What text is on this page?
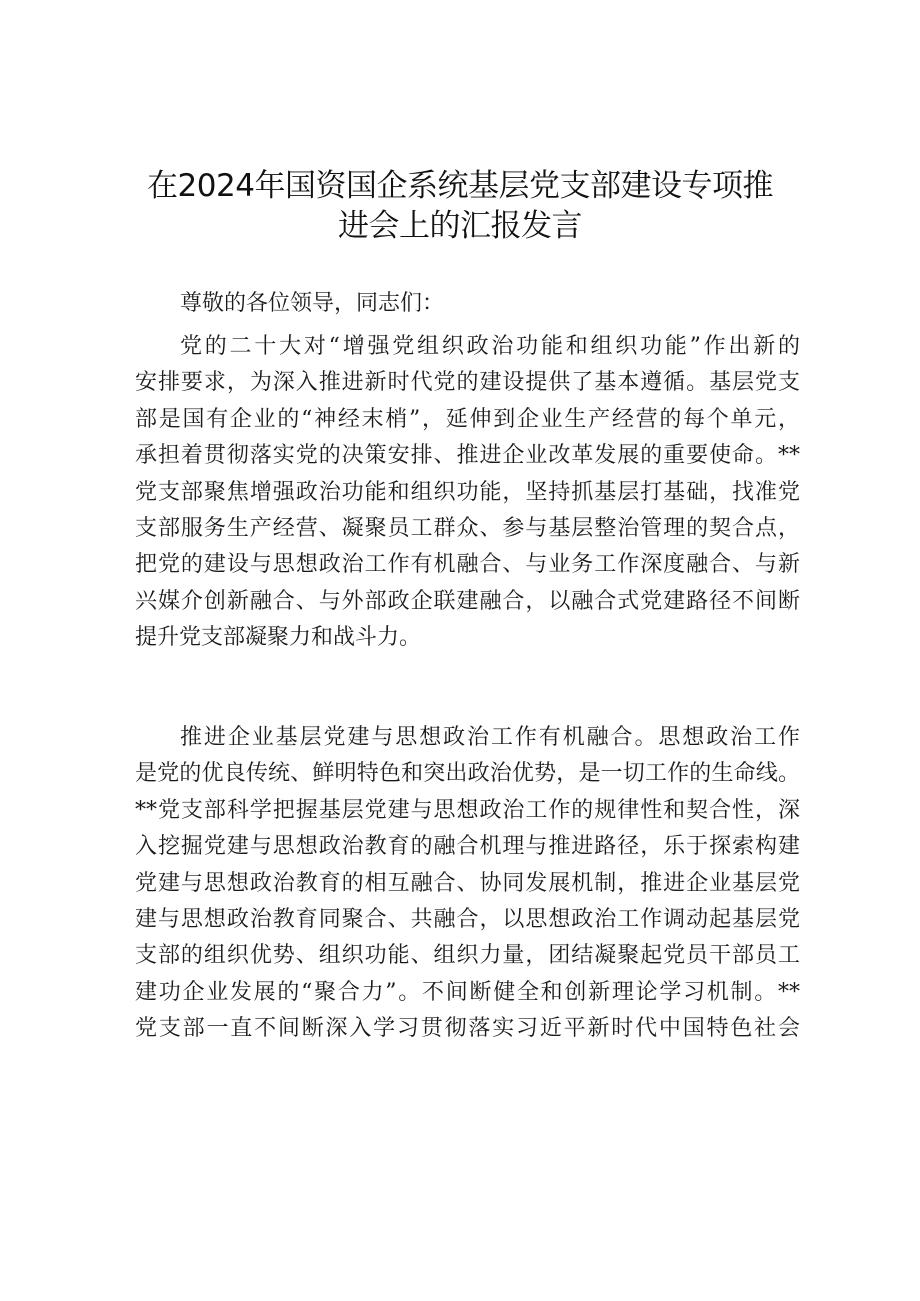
在2024年国资国企系统基层党支部建设专项推
进会上的汇报发言

尊敬的各位领导，同志们：

党的二十大对“增强党组织政治功能和组织功能”作出新的
安排要求，为深入推进新时代党的建设提供了基本遵循。基层党支
部是国有企业的“神经末梢”，延伸到企业生产经营的每个单元，
承担着贯彻落实党的决策安排、推进企业改革发展的重要使命。**
党支部聚焦增强政治功能和组织功能，坚持抓基层打基础，找准党
支部服务生产经营、凝聚员工群众、参与基层整治管理的契合点，
把党的建设与思想政治工作有机融合、与业务工作深度融合、与新
兴媒介创新融合、与外部政企联建融合，以融合式党建路径不间断
提升党支部凝聚力和战斗力。
推进企业基层党建与思想政治工作有机融合。思想政治工作
是党的优良传统、鲜明特色和突出政治优势，是一切工作的生命线。
**党支部科学把握基层党建与思想政治工作的规律性和契合性，深
入挖掘党建与思想政治教育的融合机理与推进路径，乐于探索构建
党建与思想政治教育的相互融合、协同发展机制，推进企业基层党
建与思想政治教育同聚合、共融合，以思想政治工作调动起基层党
支部的组织优势、组织功能、组织力量，团结凝聚起党员干部员工
建功企业发展的“聚合力”。不间断健全和创新理论学习机制。**
党支部一直不间断深入学习贯彻落实习近平新时代中国特色社会
